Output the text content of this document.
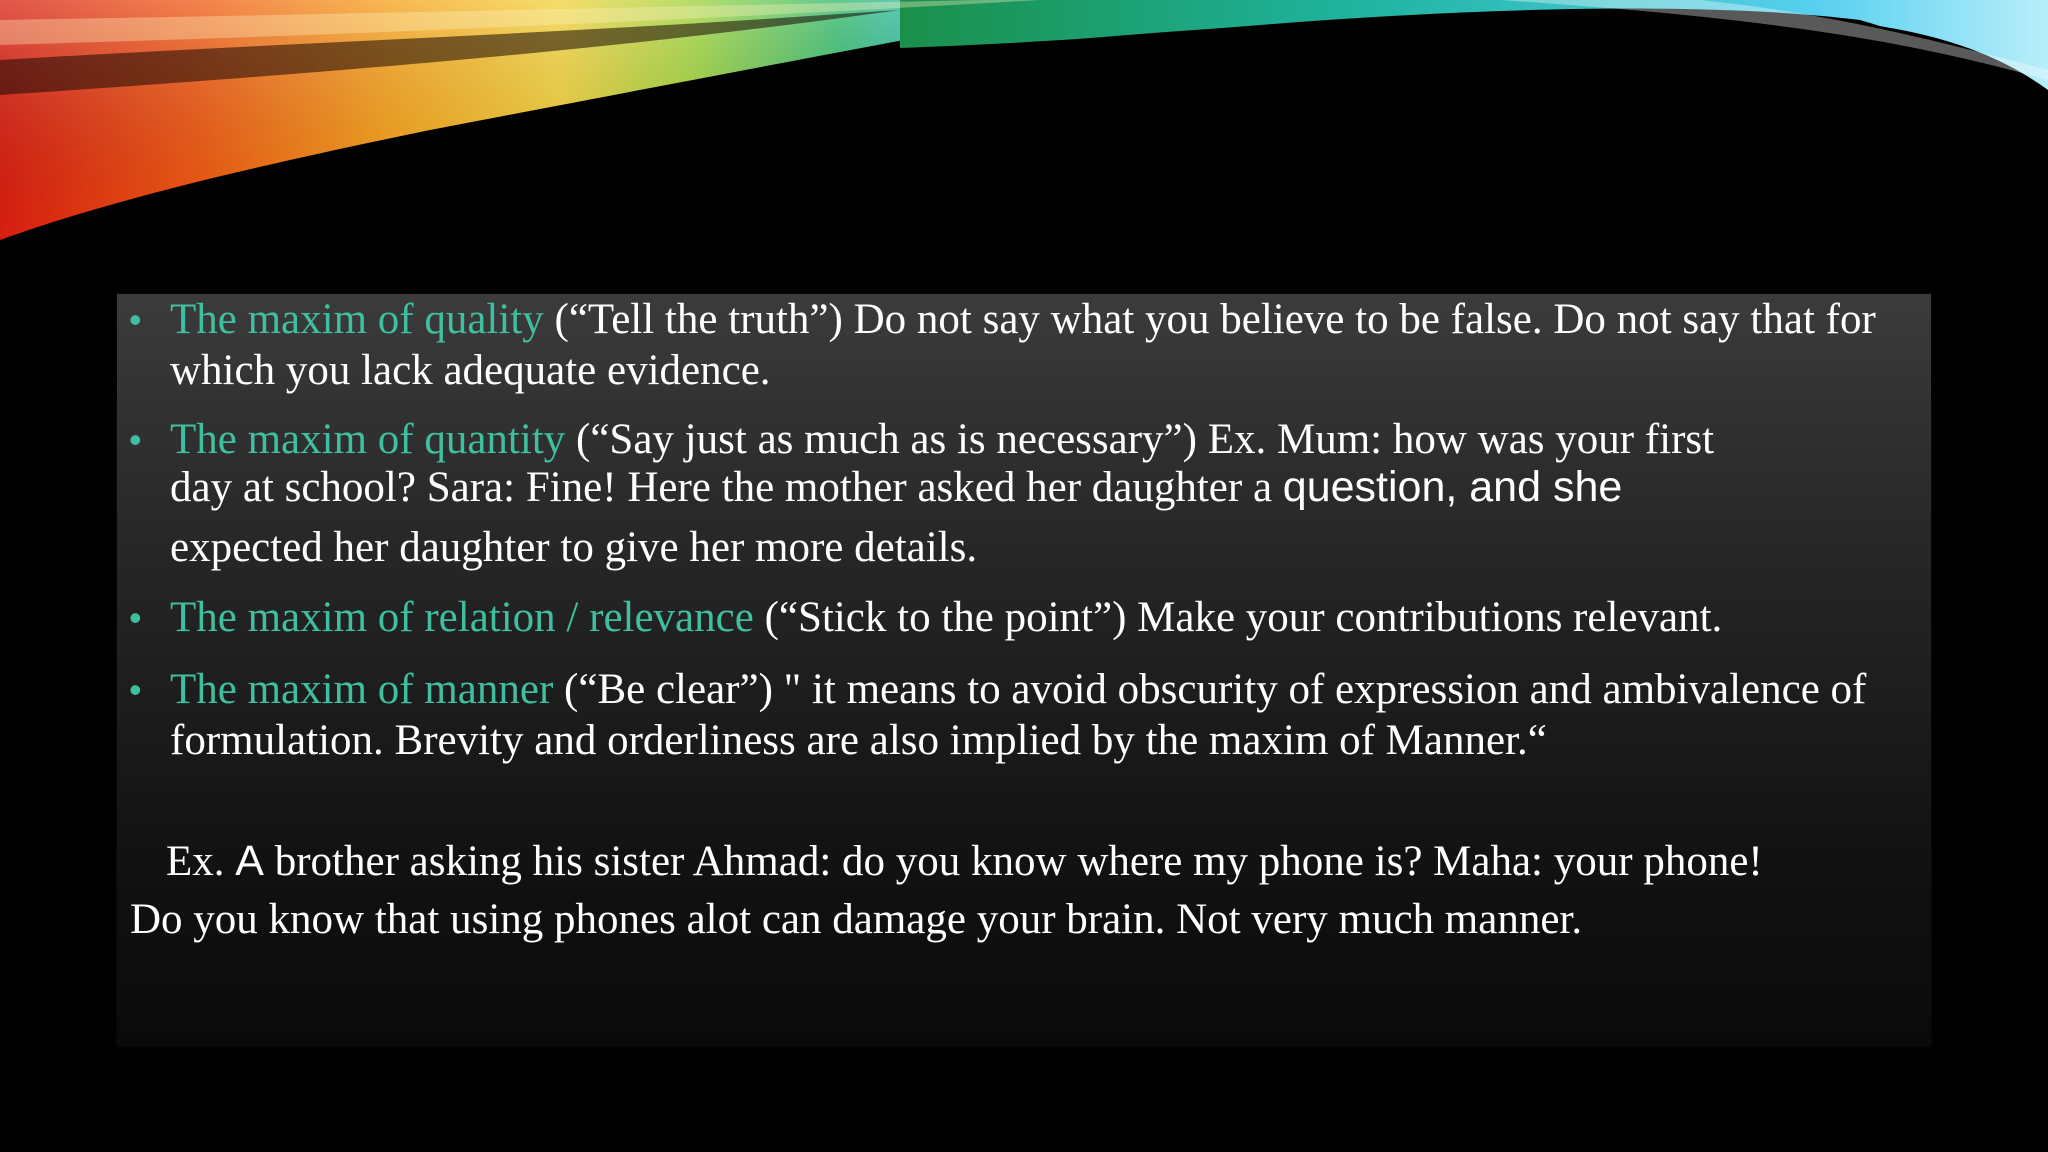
• The maxim of quality (“Tell the truth”) Do not say what you believe to be false. Do not say that for which you lack adequate evidence.
• The maxim of quantity (“Say just as much as is necessary”) Ex. Mum: how was your first
day at school? Sara: Fine! Here the mother asked her daughter a question, and she
expected her daughter to give her more details.
• The maxim of relation / relevance (“Stick to the point”) Make your contributions relevant.
• The maxim of manner (“Be clear”) " it means to avoid obscurity of expression and ambivalence of formulation. Brevity and orderliness are also implied by the maxim of Manner.“
Ex. A brother asking his sister Ahmad: do you know where my phone is? Maha: your phone!
Do you know that using phones alot can damage your brain. Not very much manner.
